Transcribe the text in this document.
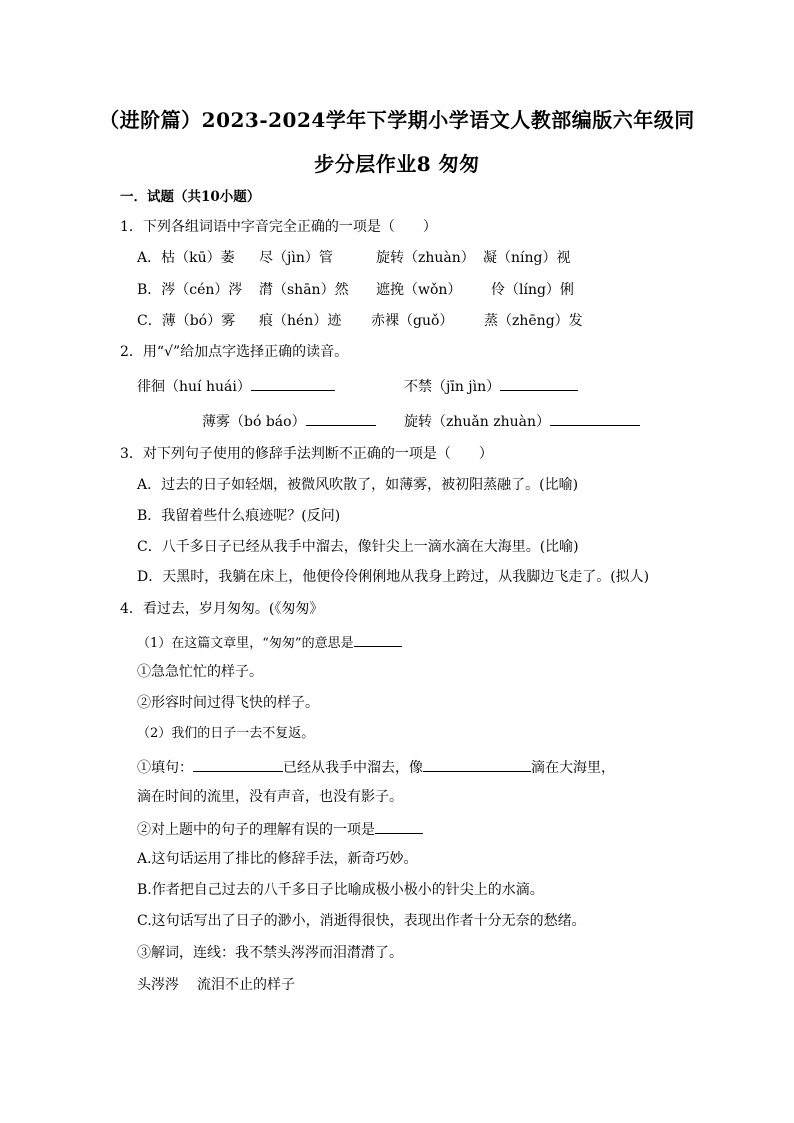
（进阶篇）2023-2024学年下学期小学语文人教部编版六年级同
步分层作业8 匆匆
一．试题（共10小题）
1．下列各组词语中字音完全正确的一项是（　　）
A．枯（kū）萎 尽（jìn）管	旋转（zhuàn） 凝（níng）视
B．涔（cén）涔 潸（shān）然 遮挽（wǒn） 伶（líng）俐
C．薄（bó）雾 痕（hén）迹 赤裸（guǒ） 蒸（zhēng）发
2．用“√”给加点字选择正确的读音。
徘徊（huí huái）	不禁（jīn jìn）
薄雾（bó báo）	旋转（zhuǎn zhuàn）
3．对下列句子使用的修辞手法判断不正确的一项是（　　）
A．过去的日子如轻烟，被微风吹散了，如薄雾，被初阳蒸融了。(比喻)
B．我留着些什么痕迹呢？(反问)
C．八千多日子已经从我手中溜去，像针尖上一滴水滴在大海里。(比喻)
D．天黑时，我躺在床上，他便伶伶俐俐地从我身上跨过，从我脚边飞走了。(拟人)
4．看过去，岁月匆匆。(《匆匆》
（1）在这篇文章里，“匆匆”的意思是
①急急忙忙的样子。
②形容时间过得飞快的样子。
（2）我们的日子一去不复返。
①填句：	已经从我手中溜去，像	滴在大海里，
滴在时间的流里，没有声音，也没有影子。
②对上题中的句子的理解有误的一项是
A.这句话运用了排比的修辞手法，新奇巧妙。
B.作者把自己过去的八千多日子比喻成极小极小的针尖上的水滴。
C.这句话写出了日子的渺小，消逝得很快，表现出作者十分无奈的愁绪。
③解词，连线：我不禁头涔涔而泪潸潸了。
头涔涔 流泪不止的样子
